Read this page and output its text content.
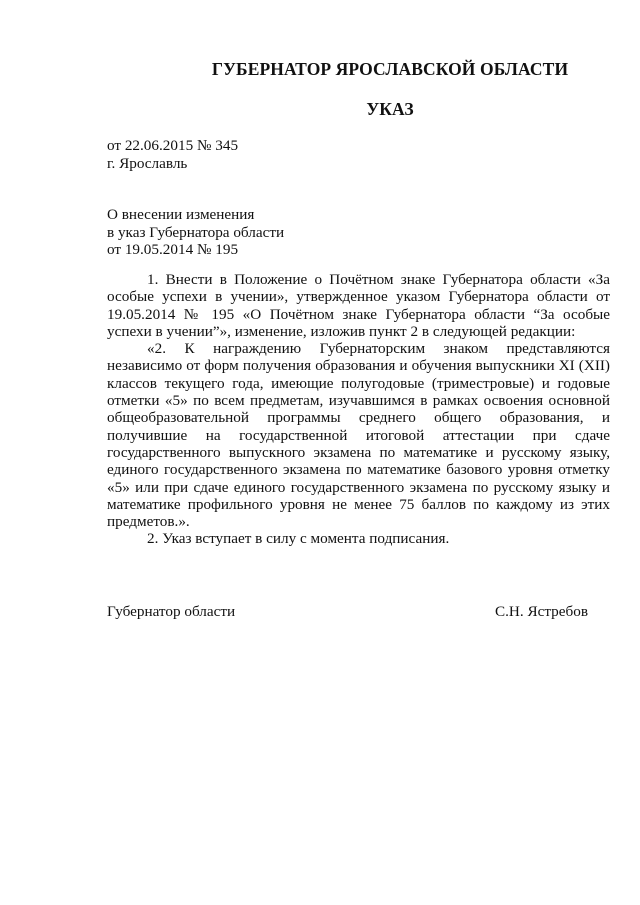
ГУБЕРНАТОР ЯРОСЛАВСКОЙ ОБЛАСТИ
УКАЗ
от 22.06.2015 № 345
г. Ярославль
О внесении изменения
в указ Губернатора области
от 19.05.2014 № 195

1. Внести в Положение о Почётном знаке Губернатора области «За особые успехи в учении», утвержденное указом Губернатора области от 19.05.2014 № 195 «О Почётном знаке Губернатора области “За особые успехи в учении”», изменение, изложив пункт 2 в следующей редакции:

«2. К награждению Губернаторским знаком представляются независимо от форм получения образования и обучения выпускники XI (XII) классов текущего года, имеющие полугодовые (триместровые) и годовые отметки «5» по всем предметам, изучавшимся в рамках освоения основной общеобразовательной программы среднего общего образования, и получившие на государственной итоговой аттестации при сдаче государственного выпускного экзамена по математике и русскому языку, единого государственного экзамена по математике базового уровня отметку «5» или при сдаче единого государственного экзамена по русскому языку и математике профильного уровня не менее 75 баллов по каждому из этих предметов.».

2. Указ вступает в силу с момента подписания.

Губернатор области	С.Н. Ястребов
